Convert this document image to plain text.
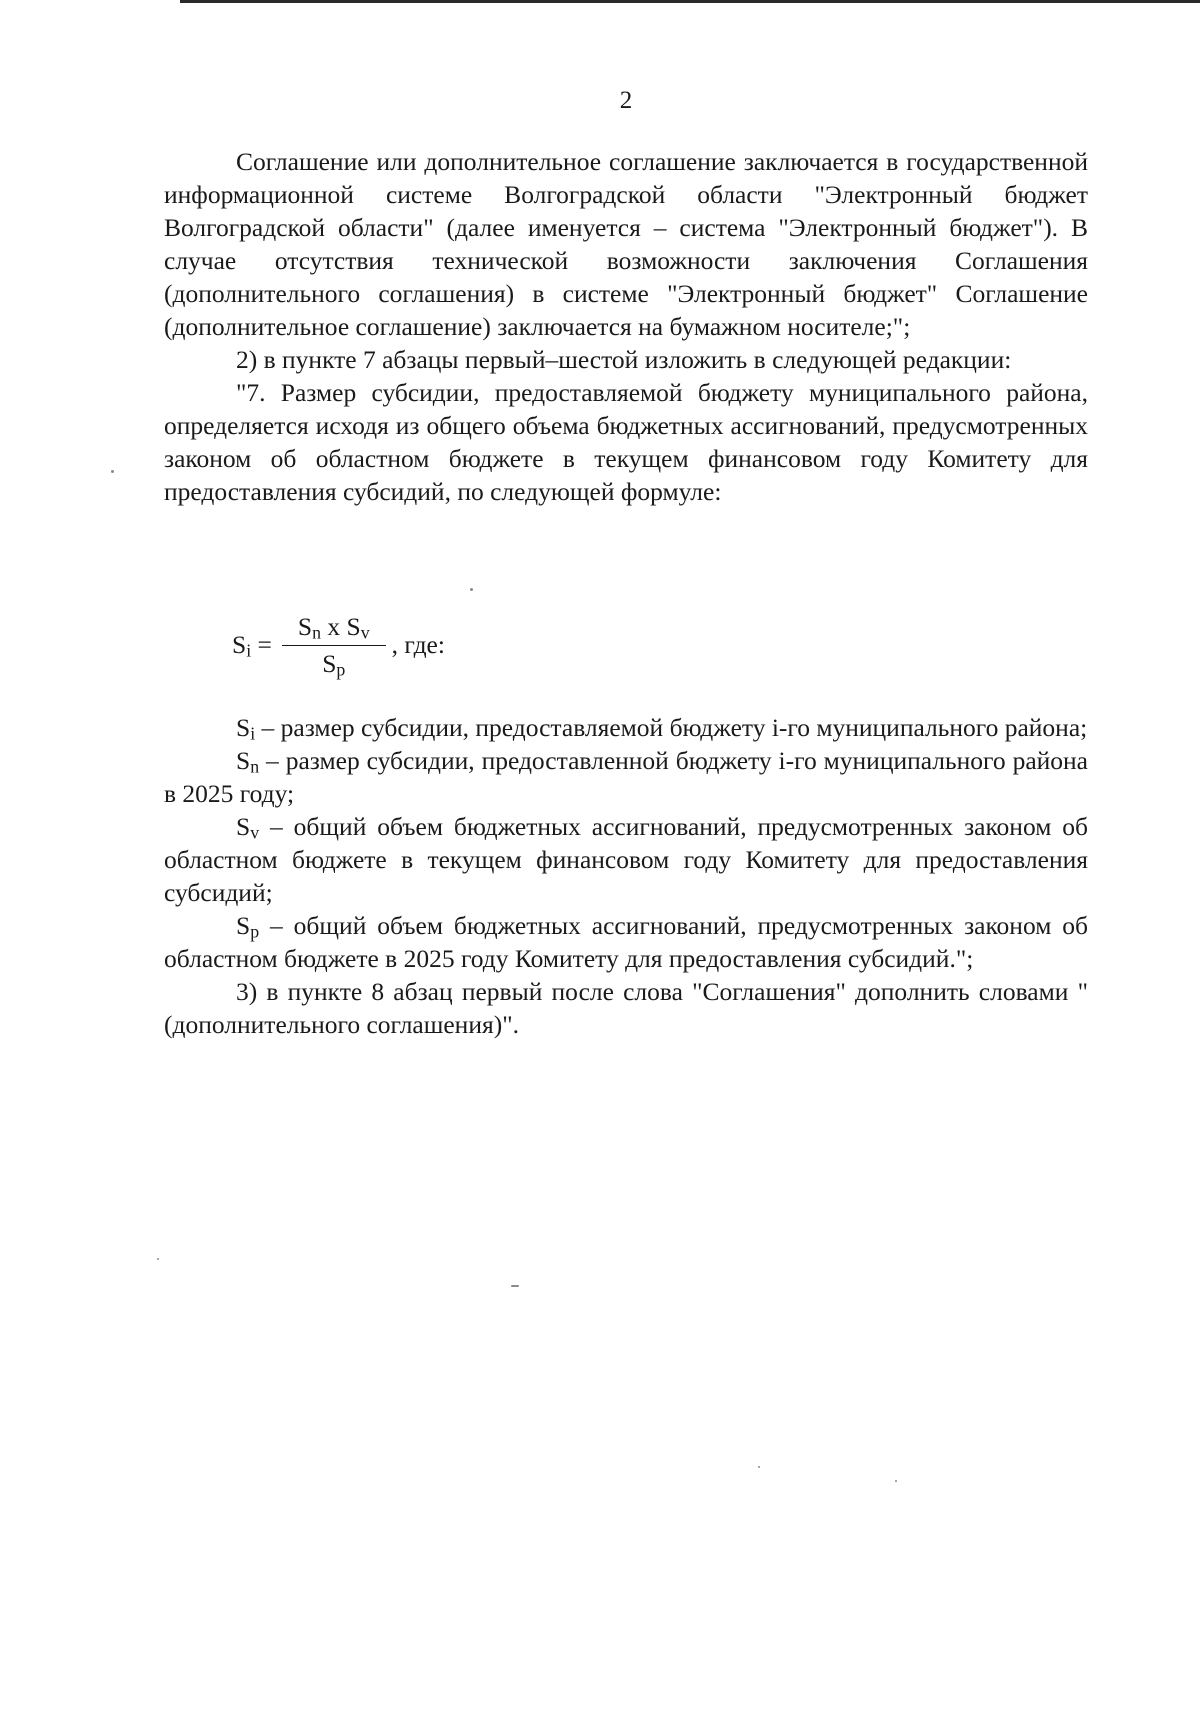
2

Соглашение или дополнительное соглашение заключается в государственной информационной системе Волгоградской области "Электронный бюджет Волгоградской области" (далее именуется – система "Электронный бюджет"). В случае отсутствия технической возможности заключения Соглашения (дополнительного соглашения) в системе "Электронный бюджет" Соглашение (дополнительное соглашение) заключается на бумажном носителе;";

2) в пункте 7 абзацы первый–шестой изложить в следующей редакции:

"7. Размер субсидии, предоставляемой бюджету муниципального района, определяется исходя из общего объема бюджетных ассигнований, предусмотренных законом об областном бюджете в текущем финансовом году Комитету для предоставления субсидий, по следующей формуле:

$S_i = \frac{S_n x S_v}{S_p}$ , где:

$S_i$ – размер субсидии, предоставляемой бюджету i-го муниципального района;

$S_n$ – размер субсидии, предоставленной бюджету i-го муниципального района в 2025 году;

$S_v$ – общий объем бюджетных ассигнований, предусмотренных законом об областном бюджете в текущем финансовом году Комитету для предоставления субсидий;

$S_p$ – общий объем бюджетных ассигнований, предусмотренных законом об областном бюджете в 2025 году Комитету для предоставления субсидий.";

3) в пункте 8 абзац первый после слова "Соглашения" дополнить словами "(дополнительного соглашения)".
